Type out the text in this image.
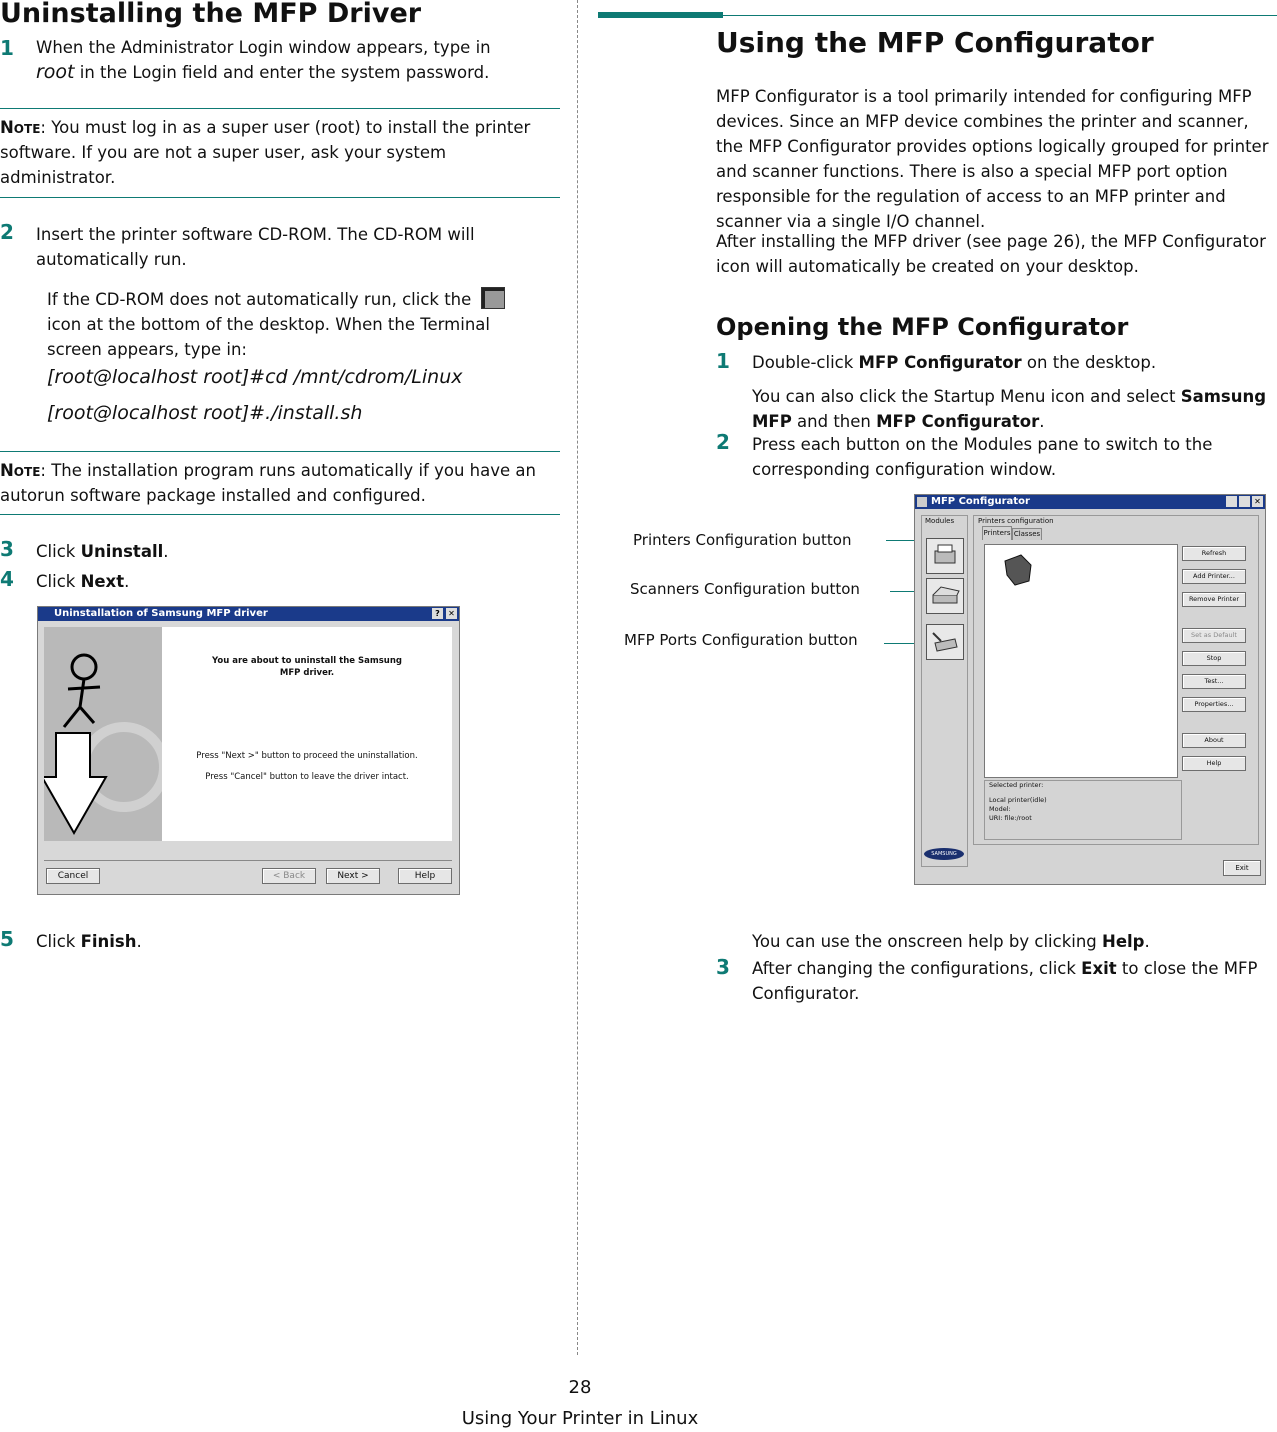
Uninstalling the MFP Driver
1 When the Administrator Login window appears, type in
root in the Login field and enter the system password.
Note: You must log in as a super user (root) to install the printer software. If you are not a super user, ask your system administrator.
2 Insert the printer software CD-ROM. The CD-ROM will automatically run.
If the CD-ROM does not automatically run, click the
icon at the bottom of the desktop. When the Terminal screen appears, type in:
[root@localhost root]#cd /mnt/cdrom/Linux
[root@localhost root]#./install.sh
Note: The installation program runs automatically if you have an autorun software package installed and configured.
3 Click Uninstall.
4 Click Next.
Uninstallation of Samsung MFP driver	?	✕
You are about to uninstall the Samsung MFP driver.
Press "Next >" button to proceed the uninstallation.
Press "Cancel" button to leave the driver intact.
Cancel	< Back	Next >	Help
5 Click Finish.
Using the MFP Configurator
MFP Configurator is a tool primarily intended for configuring MFP devices. Since an MFP device combines the printer and scanner, the MFP Configurator provides options logically grouped for printer and scanner functions. There is also a special MFP port option responsible for the regulation of access to an MFP printer and scanner via a single I/O channel.
After installing the MFP driver (see page 26), the MFP Configurator icon will automatically be created on your desktop.
Opening the MFP Configurator
1 Double-click MFP Configurator on the desktop.
You can also click the Startup Menu icon and select Samsung MFP and then MFP Configurator.
2 Press each button on the Modules pane to switch to the corresponding configuration window.
Printers Configuration button
Scanners Configuration button
MFP Ports Configuration button
MFP Configurator	✕
Modules
SAMSUNG
Printers configuration
Printers Classes
Selected printer:
Local printer(idle)
Model:
URI: file:/root
Refresh
Add Printer...
Remove Printer
Set as Default
Stop
Test...
Properties...
About
Help
Exit
You can use the onscreen help by clicking Help.
3 After changing the configurations, click Exit to close the MFP Configurator.
28
Using Your Printer in Linux
